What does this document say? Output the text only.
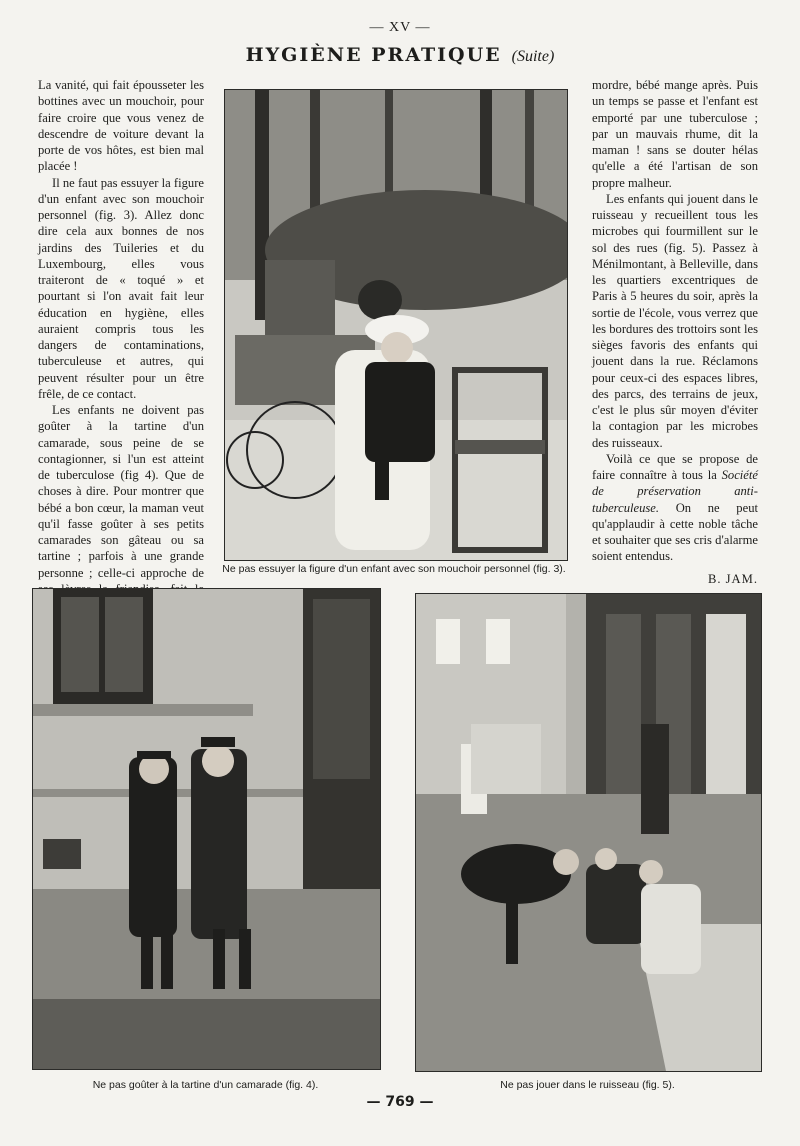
— XV —
HYGIÈNE PRATIQUE (Suite)

La vanité, qui fait épousseter les bottines avec un mouchoir, pour faire croire que vous venez de descendre de voiture devant la porte de vos hôtes, est bien mal placée !

Il ne faut pas essuyer la figure d'un enfant avec son mouchoir personnel (fig. 3). Allez donc dire cela aux bonnes de nos jardins des Tuileries et du Luxembourg, elles vous traiteront de « toqué » et pourtant si l'on avait fait leur éducation en hygiène, elles auraient compris tous les dangers de contaminations, tuberculeuse et autres, qui peuvent résulter pour un être frêle, de ce contact.

Les enfants ne doivent pas goûter à la tartine d'un camarade, sous peine de se contagionner, si l'un est atteint de tuberculose (fig 4). Que de choses à dire. Pour montrer que bébé a bon cœur, la maman veut qu'il fasse goûter à ses petits camarades son gâteau ou sa tartine ; parfois à une grande personne ; celle-ci approche de	Ne pas essuyer la figure d'un enfant avec son mouchoir personnel (fig. 3).

mordre, bébé mange après. Puis un temps se passe et l'enfant est emporté par une tuberculose ; par un mauvais rhume, dit la maman ! sans se douter hélas qu'elle a été l'artisan de son propre malheur.

Les enfants qui jouent dans le ruisseau y recueillent tous les microbes qui fourmillent sur le sol des rues (fig. 5). Passez à Ménilmontant, à Belleville, dans les quartiers excentriques de Paris à 5 heures du soir, après la sortie de l'école, vous verrez que les bordures des trottoirs sont les sièges favoris des enfants qui jouent dans la rue. Réclamons pour ceux-ci des espaces libres, des parcs, des terrains de jeux, c'est le plus sûr moyen d'éviter la contagion par les microbes des ruisseaux.

Voilà ce que se propose de faire connaître à tous la Société de préservation anti-tuberculeuse. On ne peut qu'applaudir à cette noble tâche et souhaiter que ses cris d'alarme soient entendus.

B. JAM.
Ne pas goûter à la tartine d'un camarade (fig. 4).	Ne pas jouer dans le ruisseau (fig. 5).
— 769 —
